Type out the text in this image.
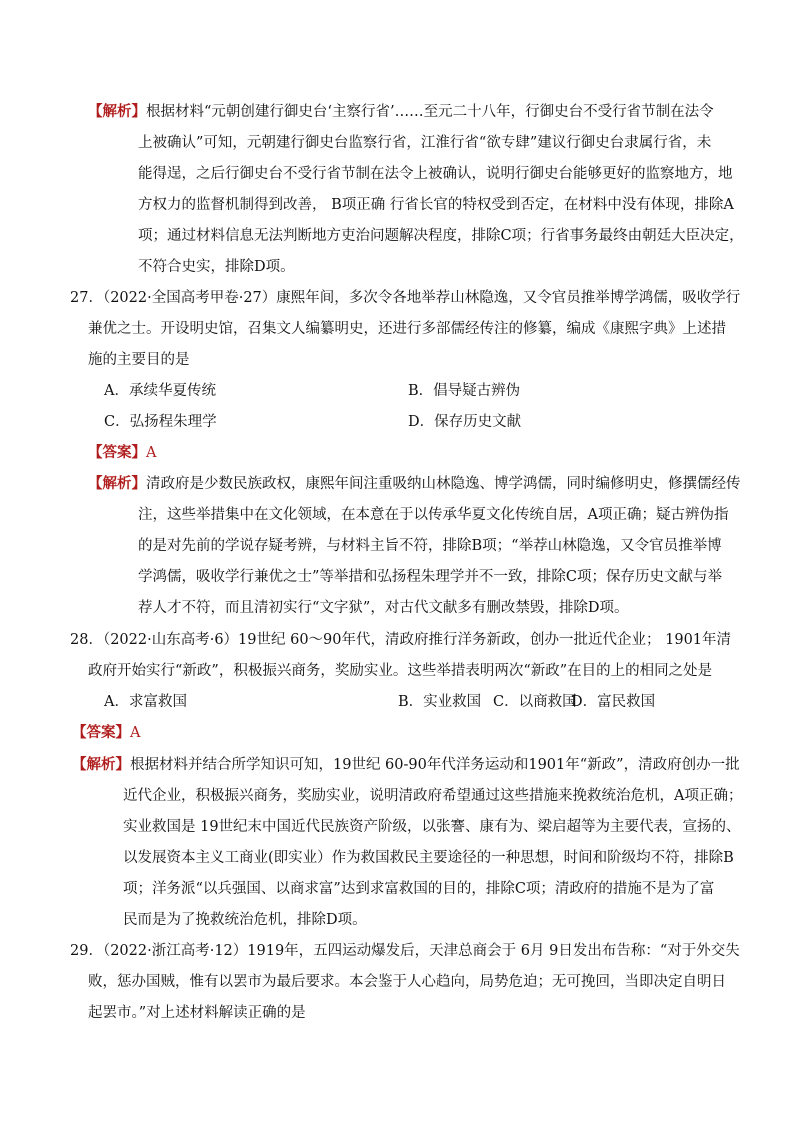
【解析】根据材料“元朝创建行御史台‘主察行省’……至元二十八年，行御史台不受行省节制在法令
上被确认”可知，元朝建行御史台监察行省，江淮行省“欲专肆”建议行御史台隶属行省，未
能得逞，之后行御史台不受行省节制在法令上被确认，说明行御史台能够更好的监察地方，地
方权力的监督机制得到改善， B项正确 行省长官的特权受到否定，在材料中没有体现，排除A
项；通过材料信息无法判断地方吏治问题解决程度，排除C项；行省事务最终由朝廷大臣决定，
不符合史实，排除D项。
27．（2022·全国高考甲卷·27）康熙年间，多次令各地举荐山林隐逸，又令官员推举博学鸿儒，吸收学行
兼优之士。开设明史馆，召集文人编纂明史，还进行多部儒经传注的修纂，编成《康熙字典》上述措
施的主要目的是
A．承续华夏传统	B．倡导疑古辨伪
C．弘扬程朱理学	D．保存历史文献
【答案】A
【解析】清政府是少数民族政权，康熙年间注重吸纳山林隐逸、博学鸿儒，同时编修明史，修撰儒经传
注，这些举措集中在文化领域，在本意在于以传承华夏文化传统自居，A项正确；疑古辨伪指
的是对先前的学说存疑考辨，与材料主旨不符，排除B项；“举荐山林隐逸，又令官员推举博
学鸿儒，吸收学行兼优之士”等举措和弘扬程朱理学并不一致，排除C项；保存历史文献与举
荐人才不符，而且清初实行“文字狱”，对古代文献多有删改禁毁，排除D项。
28．（2022·山东高考·6）19世纪 60～90年代，清政府推行洋务新政，创办一批近代企业； 1901年清
政府开始实行“新政”，积极振兴商务，奖励实业。这些举措表明两次“新政”在目的上的相同之处是
A．求富救国	B．实业救国 C．以商救国
D．富民救国
【答案】A
【解析】根据材料并结合所学知识可知，19世纪 60-90年代洋务运动和1901年“新政”，清政府创办一批
近代企业，积极振兴商务，奖励实业，说明清政府希望通过这些措施来挽救统治危机，A项正确；
实业救国是 19世纪末中国近代民族资产阶级，以张謇、康有为、梁启超等为主要代表，宣扬的、
以发展资本主义工商业(即实业）作为救国救民主要途径的一种思想，时间和阶级均不符，排除B
项；洋务派“以兵强国、以商求富”达到求富救国的目的，排除C项；清政府的措施不是为了富
民而是为了挽救统治危机，排除D项。
29．（2022·浙江高考·12）1919年，五四运动爆发后，天津总商会于 6月 9日发出布告称：“对于外交失
败，惩办国贼，惟有以罢市为最后要求。本会鉴于人心趋向，局势危迫；无可挽回，当即决定自明日
起罢市。”对上述材料解读正确的是
